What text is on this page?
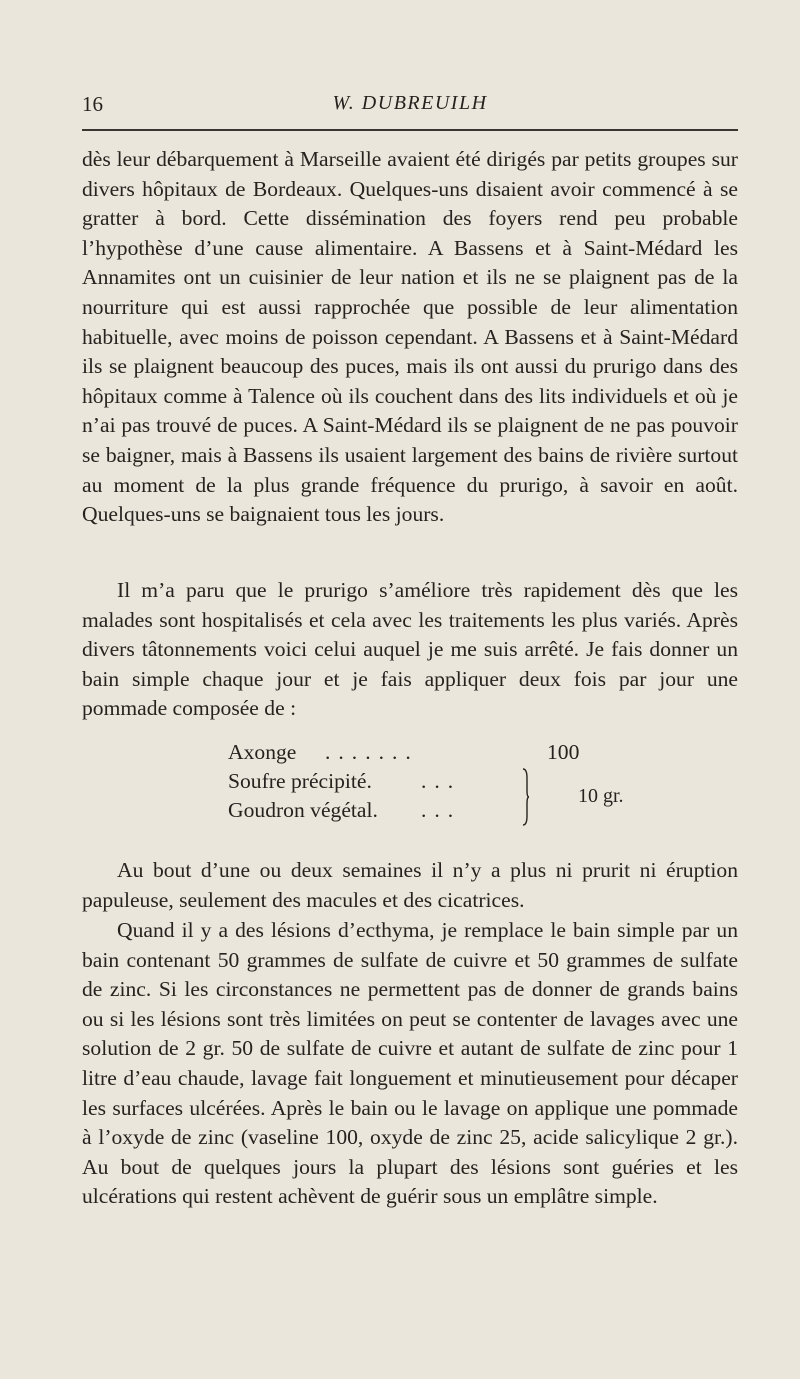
16	W. DUBREUILH

dès leur débarquement à Marseille avaient été dirigés par petits groupes sur divers hôpitaux de Bordeaux. Quelques-uns disaient avoir commencé à se gratter à bord. Cette dissémination des foyers rend peu probable l’hypothèse d’une cause alimentaire. A Bassens et à Saint-Médard les Annamites ont un cuisinier de leur nation et ils ne se plaignent pas de la nourriture qui est aussi rapprochée que possible de leur alimentation habituelle, avec moins de poisson cependant. A Bassens et à Saint-Médard ils se plaignent beaucoup des puces, mais ils ont aussi du prurigo dans des hôpitaux comme à Talence où ils couchent dans des lits individuels et où je n’ai pas trouvé de puces. A Saint-Médard ils se plaignent de ne pas pouvoir se baigner, mais à Bassens ils usaient largement des bains de rivière surtout au moment de la plus grande fréquence du prurigo, à savoir en août. Quelques-uns se baignaient tous les jours.

Il m’a paru que le prurigo s’améliore très rapidement dès que les malades sont hospitalisés et cela avec les traitements les plus variés. Après divers tâtonnements voici celui auquel je me suis arrêté. Je fais donner un bain simple chaque jour et je fais appliquer deux fois par jour une pommade composée de :

Axonge .......	100
Soufre précipité. ...
Goudron végétal. ...
10 gr.

Au bout d’une ou deux semaines il n’y a plus ni prurit ni éruption papuleuse, seulement des macules et des cicatrices.

Quand il y a des lésions d’ecthyma, je remplace le bain simple par un bain contenant 50 grammes de sulfate de cuivre et 50 grammes de sulfate de zinc. Si les circonstances ne permettent pas de donner de grands bains ou si les lésions sont très limitées on peut se contenter de lavages avec une solution de 2 gr. 50 de sulfate de cuivre et autant de sulfate de zinc pour 1 litre d’eau chaude, lavage fait longuement et minutieusement pour décaper les surfaces ulcérées. Après le bain ou le lavage on applique une pommade à l’oxyde de zinc (vaseline 100, oxyde de zinc 25, acide salicylique 2 gr.). Au bout de quelques jours la plupart des lésions sont guéries et les ulcérations qui restent achèvent de guérir sous un emplâtre simple.
